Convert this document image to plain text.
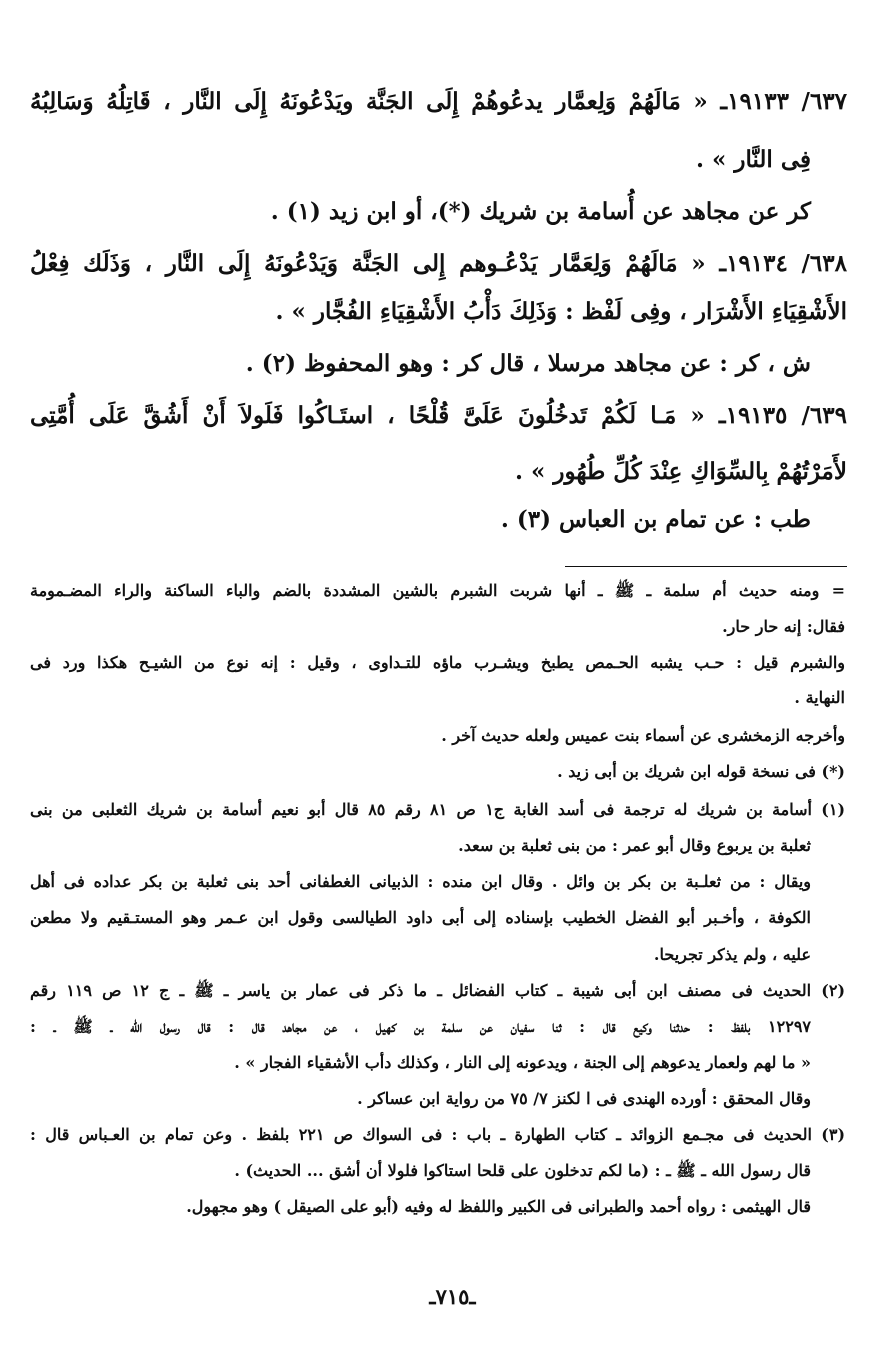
٦٣٧/ ١٩١٣٣ـ « مَالَهُمْ وَلِعمَّار يدعُوهُمْ إِلَى الجَنَّة ويَدْعُونَهُ إِلَى النَّار ، قَاتِلُهُ وَسَالِبُهُ
فِى النَّار » .
كر عن مجاهد عن أُسامة بن شريك (*)، أو ابن زيد (١) .
٦٣٨/ ١٩١٣٤ـ « مَالَهُمْ وَلِعَمَّار يَدْعُـوهم إِلى الجَنَّة وَيَدْعُونَهُ إِلَى النَّار ، وَذَلَك فِعْلُ
الأَشْقِيَاءِ الأَشْرَار ، وفِى لَفْظ : وَذَلِكَ دَأْبُ الأَشْقِيَاءِ الفُجَّار » .
ش ، كر : عن مجاهد مرسلا ، قال كر : وهو المحفوظ (٢) .
٦٣٩/ ١٩١٣٥ـ « مَـا لَكُمْ تَدخُلُونَ عَلَىَّ قُلْحًا ، استَـاكُوا فَلَولاَ أَنْ أَشُقَّ عَلَى أُمَّتِى
لأَمَرْتُهُمْ بِالسِّوَاكِ عِنْدَ كُلِّ طُهُور » .
طب : عن تمام بن العباس (٣) .
= ومنه حديث أم سلمة ـ ﷺ ـ أنها شربت الشبرم بالشين المشددة بالضم والباء الساكنة والراء المضـمومة
فقال: إنه حار حار.
والشبرم قيل : حـب يشبه الحـمص يطبخ ويشـرب ماؤه للتـداوى ، وقيل : إنه نوع من الشيـح هكذا ورد فى
النهاية .
وأخرجه الزمخشرى عن أسماء بنت عميس ولعله حديث آخر .
(*) فى نسخة قوله ابن شريك بن أبى زيد .
(١) أسامة بن شريك له ترجمة فى أسد الغابة ج١ ص ٨١ رقم ٨٥ قال أبو نعيم أسامة بن شريك الثعلبى من بنى
ثعلبة بن يربوع وقال أبو عمر : من بنى ثعلبة بن سعد.
ويقال : من ثعلـبة بن بكر بن وائل . وقال ابن منده : الذبيانى الغطفانى أحد بنى ثعلبة بن بكر عداده فى أهل
الكوفة ، وأخـبر أبو الفضل الخطيب بإسناده إلى أبى داود الطيالسى وقول ابن عـمر وهو المستـقيم ولا مطعن
عليه ، ولم يذكر تجريحا.
(٢) الحديث فى مصنف ابن أبى شيبة ـ كتاب الفضائل ـ ما ذكر فى عمار بن ياسر ـ ﷺ ـ ج ١٢ ص ١١٩ رقم
١٢٢٩٧ بلفظ : حدثنا وكيع قال : ثنا سفيان عن سلمة بن كهيل ، عن مجاهد قال : قال رسول الله ـ ﷺ ـ :
« ما لهم ولعمار يدعوهم إلى الجنة ، ويدعونه إلى النار ، وكذلك دأب الأشقياء الفجار » .
وقال المحقق : أورده الهندى فى ا لكنز ٧/ ٧٥ من رواية ابن عساكر .
(٣) الحديث فى مجـمع الزوائد ـ كتاب الطهارة ـ باب : فى السواك ص ٢٢١ بلفظ . وعن تمام بن العـباس قال :
قال رسول الله ـ ﷺ ـ : (ما لكم تدخلون على قلحا استاكوا فلولا أن أشق ... الحديث) .
قال الهيثمى : رواه أحمد والطبرانى فى الكبير واللفظ له وفيه (أبو على الصيقل ) وهو مجهول.
ـ٧١٥ـ
